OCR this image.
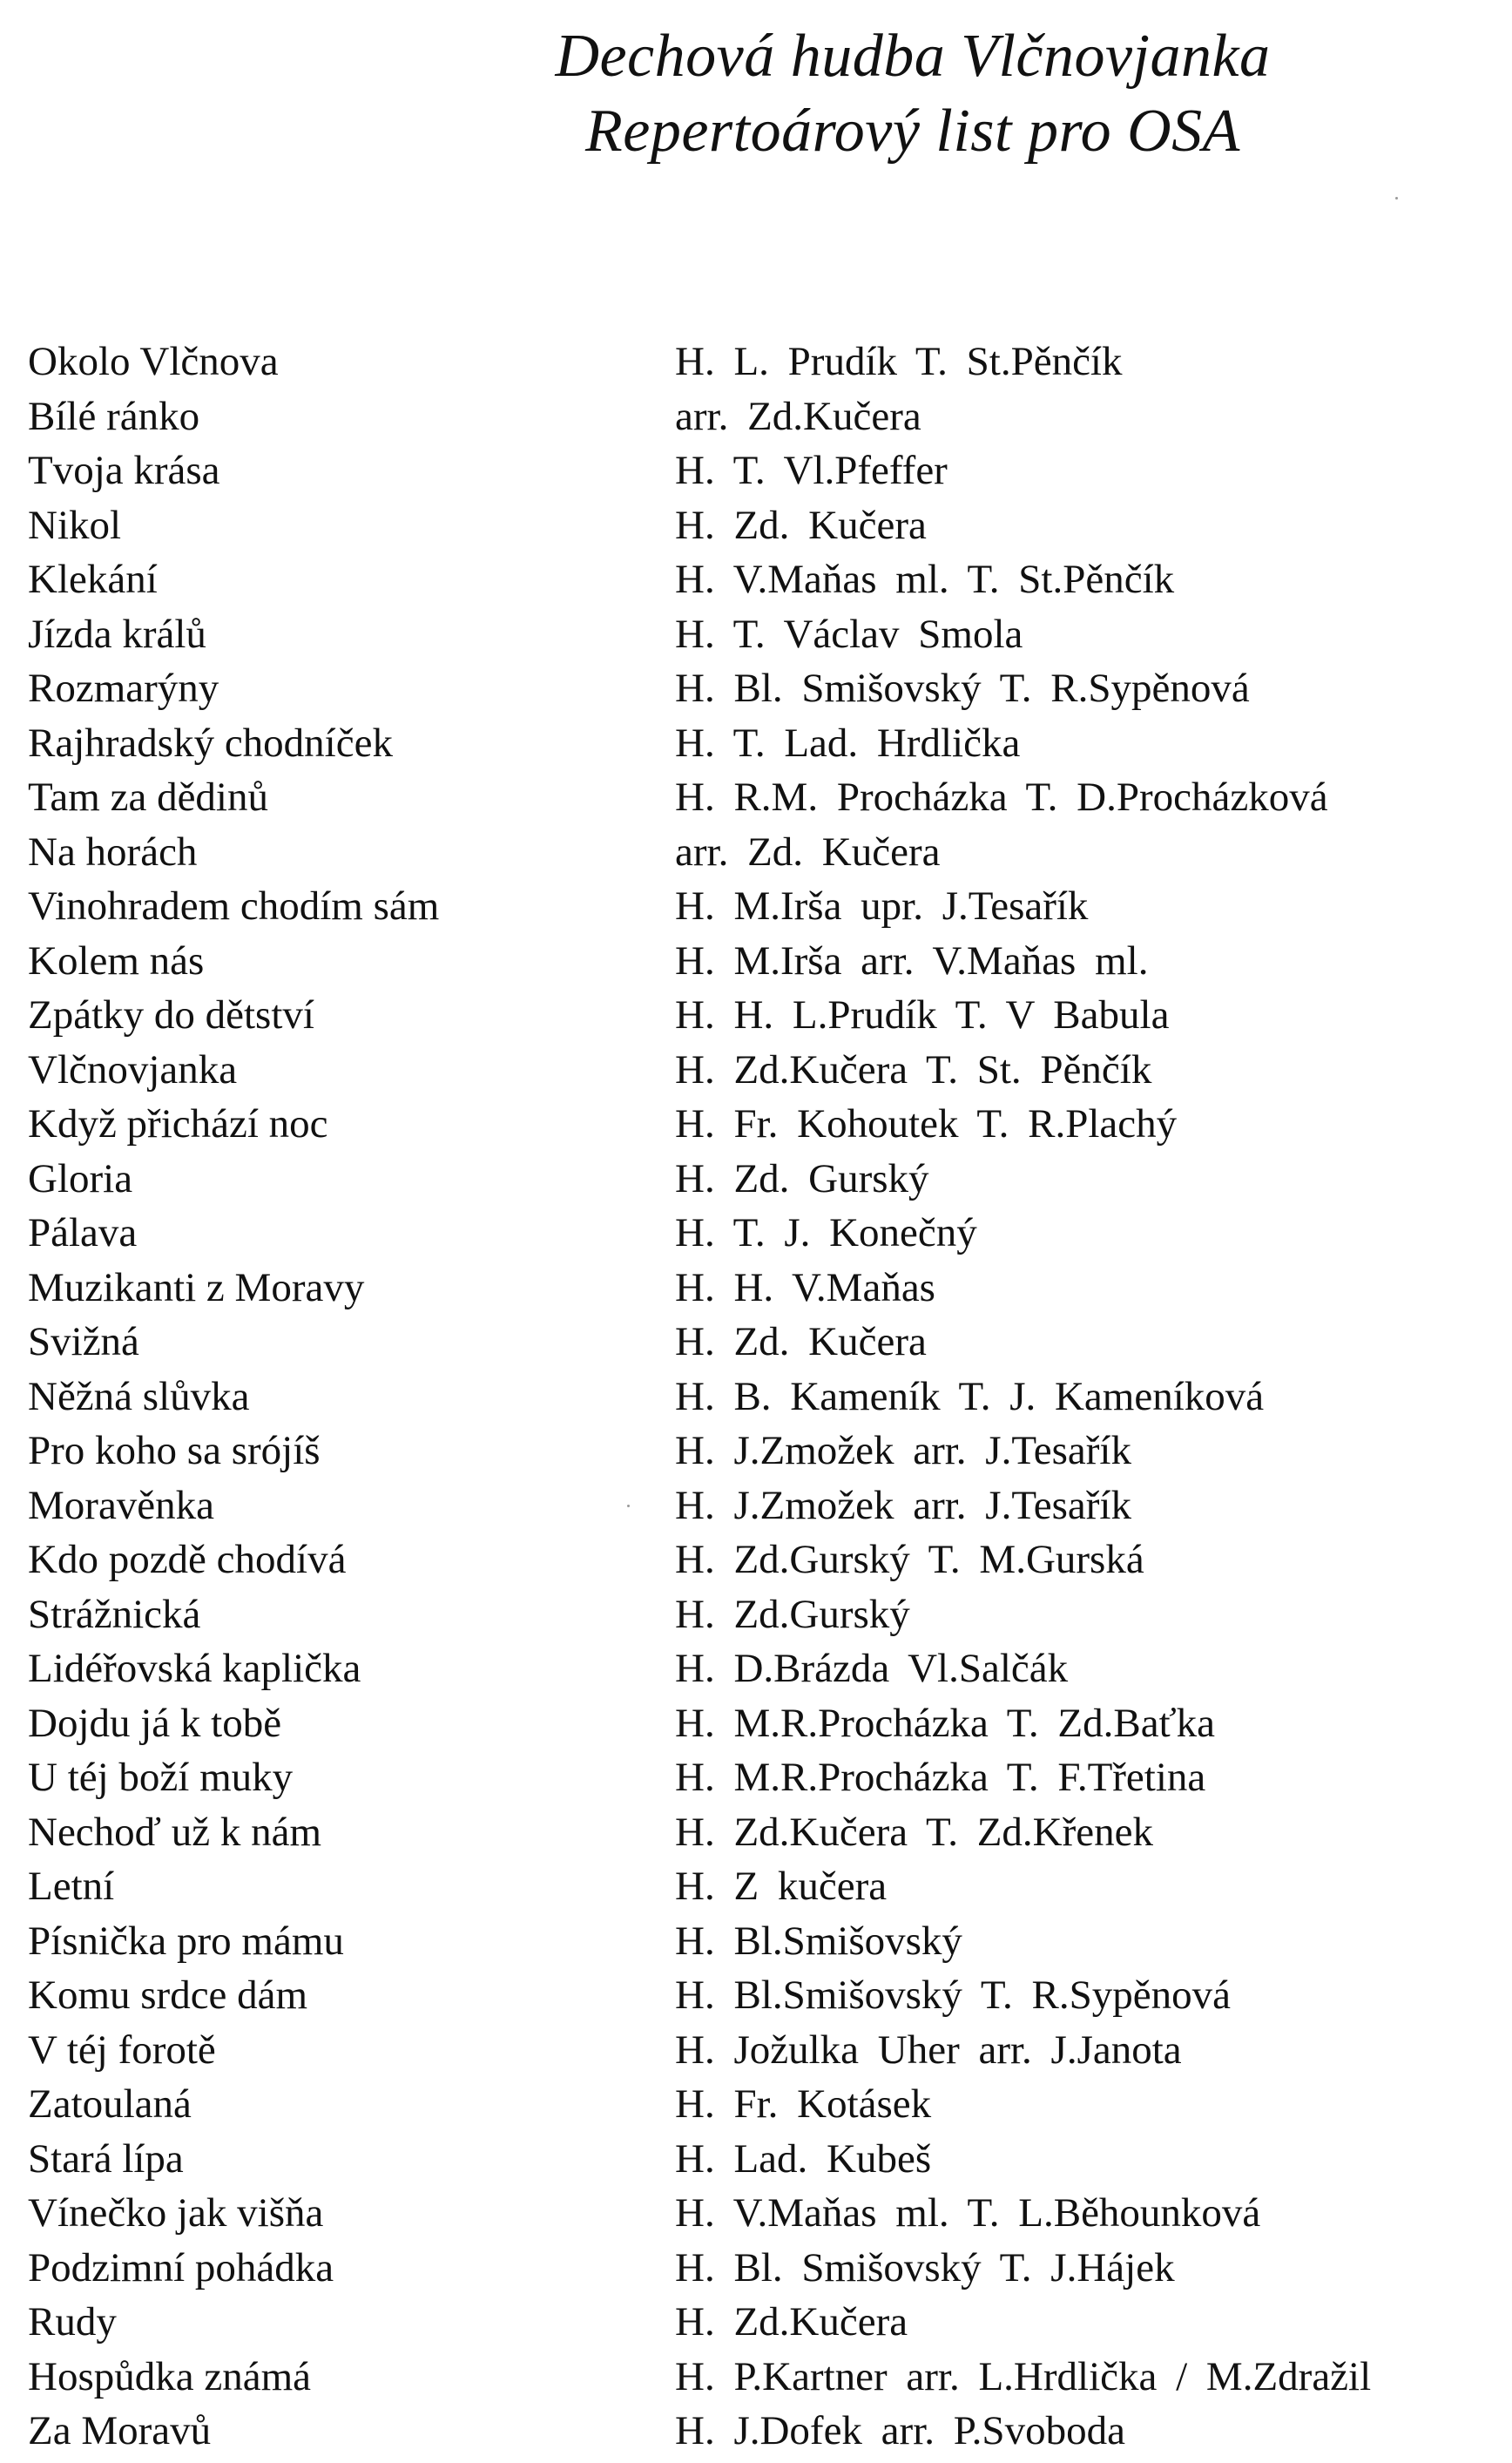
Dechová hudba Vlčnovjanka
Repertoárový list pro OSA
Okolo Vlčnova	H. L. Prudík T. St.Pěnčík
Bílé ránko	arr. Zd.Kučera
Tvoja krása	H. T. Vl.Pfeffer
Nikol	H. Zd. Kučera
Klekání	H. V.Maňas ml. T. St.Pěnčík
Jízda králů	H. T. Václav Smola
Rozmarýny	H. Bl. Smišovský T. R.Sypěnová
Rajhradský chodníček	H. T. Lad. Hrdlička
Tam za dědinů	H. R.M. Procházka T. D.Procházková
Na horách	arr. Zd. Kučera
Vinohradem chodím sám	H. M.Irša upr. J.Tesařík
Kolem nás	H. M.Irša arr. V.Maňas ml.
Zpátky do dětství	H. H. L.Prudík T. V Babula
Vlčnovjanka	H. Zd.Kučera T. St. Pěnčík
Když přichází noc	H. Fr. Kohoutek T. R.Plachý
Gloria	H. Zd. Gurský
Pálava	H. T. J. Konečný
Muzikanti z Moravy	H. H. V.Maňas
Svižná	H. Zd. Kučera
Něžná slůvka	H. B. Kameník T. J. Kameníková
Pro koho sa srójíš	H. J.Zmožek arr. J.Tesařík
Moravěnka	H. J.Zmožek arr. J.Tesařík
Kdo pozdě chodívá	H. Zd.Gurský T. M.Gurská
Strážnická	H. Zd.Gurský
Lidéřovská kaplička	H. D.Brázda Vl.Salčák
Dojdu já k tobě	H. M.R.Procházka T. Zd.Baťka
U téj boží muky	H. M.R.Procházka T. F.Třetina
Nechoď už k nám	H. Zd.Kučera T. Zd.Křenek
Letní	H. Z kučera
Písnička pro mámu	H. Bl.Smišovský
Komu srdce dám	H. Bl.Smišovský T. R.Sypěnová
V téj forotě	H. Jožulka Uher arr. J.Janota
Zatoulaná	H. Fr. Kotásek
Stará lípa	H. Lad. Kubeš
Vínečko jak višňa	H. V.Maňas ml. T. L.Běhounková
Podzimní pohádka	H. Bl. Smišovský T. J.Hájek
Rudy	H. Zd.Kučera
Hospůdka známá	H. P.Kartner arr. L.Hrdlička / M.Zdražil
Za Moravů	H. J.Dofek arr. P.Svoboda
